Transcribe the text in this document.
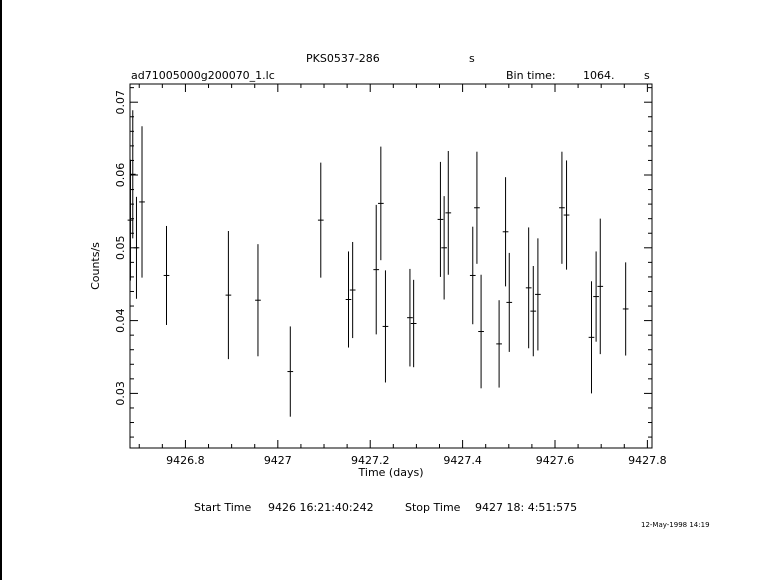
PKS0537-286	s
ad71005000g200070_1.lc	Bin time: 1064.	s
9426.8	9427	9427.2	9427.4	9427.6	9427.8
0.03
0.04
0.05
0.06
0.07
Time (days)
Counts/s
Start Time 9426 16:21:40:242	Stop Time 9427 18: 4:51:575
12-May-1998 14:19
